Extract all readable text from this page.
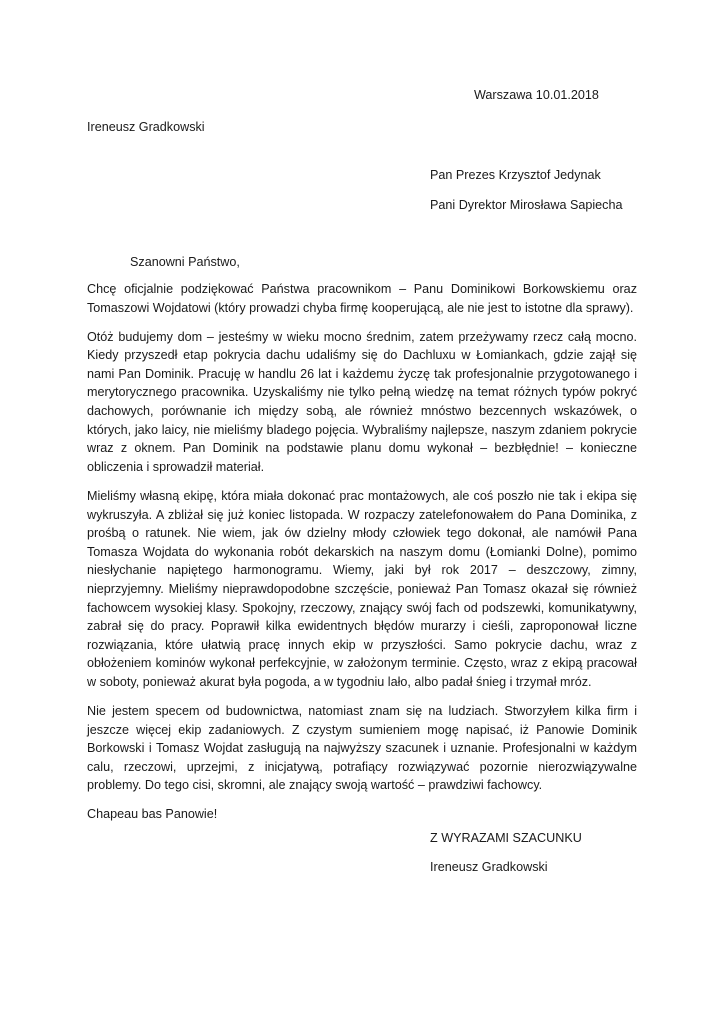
Warszawa 10.01.2018
Ireneusz Gradkowski
Pan Prezes Krzysztof Jedynak
Pani Dyrektor Mirosława Sapiecha
Szanowni Państwo,

Chcę oficjalnie podziękować Państwa pracownikom – Panu Dominikowi Borkowskiemu oraz Tomaszowi Wojdatowi (który prowadzi chyba firmę kooperującą, ale nie jest to istotne dla sprawy).

Otóż budujemy dom – jesteśmy w wieku mocno średnim, zatem przeżywamy rzecz całą mocno. Kiedy przyszedł etap pokrycia dachu udaliśmy się do Dachluxu w Łomiankach, gdzie zajął się nami Pan Dominik. Pracuję w handlu 26 lat i każdemu życzę tak profesjonalnie przygotowanego i merytorycznego pracownika. Uzyskaliśmy nie tylko pełną wiedzę na temat różnych typów pokryć dachowych, porównanie ich między sobą, ale również mnóstwo bezcennych wskazówek, o których, jako laicy, nie mieliśmy bladego pojęcia. Wybraliśmy najlepsze, naszym zdaniem pokrycie wraz z oknem. Pan Dominik na podstawie planu domu wykonał – bezbłędnie! – konieczne obliczenia i sprowadził materiał.

Mieliśmy własną ekipę, która miała dokonać prac montażowych, ale coś poszło nie tak i ekipa się wykruszyła. A zbliżał się już koniec listopada. W rozpaczy zatelefonowałem do Pana Dominika, z prośbą o ratunek. Nie wiem, jak ów dzielny młody człowiek tego dokonał, ale namówił Pana Tomasza Wojdata do wykonania robót dekarskich na naszym domu (Łomianki Dolne), pomimo niesłychanie napiętego harmonogramu. Wiemy, jaki był rok 2017 – deszczowy, zimny, nieprzyjemny. Mieliśmy nieprawdopodobne szczęście, ponieważ Pan Tomasz okazał się również fachowcem wysokiej klasy. Spokojny, rzeczowy, znający swój fach od podszewki, komunikatywny, zabrał się do pracy. Poprawił kilka ewidentnych błędów murarzy i cieśli, zaproponował liczne rozwiązania, które ułatwią pracę innych ekip w przyszłości. Samo pokrycie dachu, wraz z obłożeniem kominów wykonał perfekcyjnie, w założonym terminie. Często, wraz z ekipą pracował w soboty, ponieważ akurat była pogoda, a w tygodniu lało, albo padał śnieg i trzymał mróz.

Nie jestem specem od budownictwa, natomiast znam się na ludziach. Stworzyłem kilka firm i jeszcze więcej ekip zadaniowych. Z czystym sumieniem mogę napisać, iż Panowie Dominik Borkowski i Tomasz Wojdat zasługują na najwyższy szacunek i uznanie. Profesjonalni w każdym calu, rzeczowi, uprzejmi, z inicjatywą, potrafiący rozwiązywać pozornie nierozwiązywalne problemy. Do tego cisi, skromni, ale znający swoją wartość – prawdziwi fachowcy.

Chapeau bas Panowie!

Z WYRAZAMI SZACUNKU
Ireneusz Gradkowski
